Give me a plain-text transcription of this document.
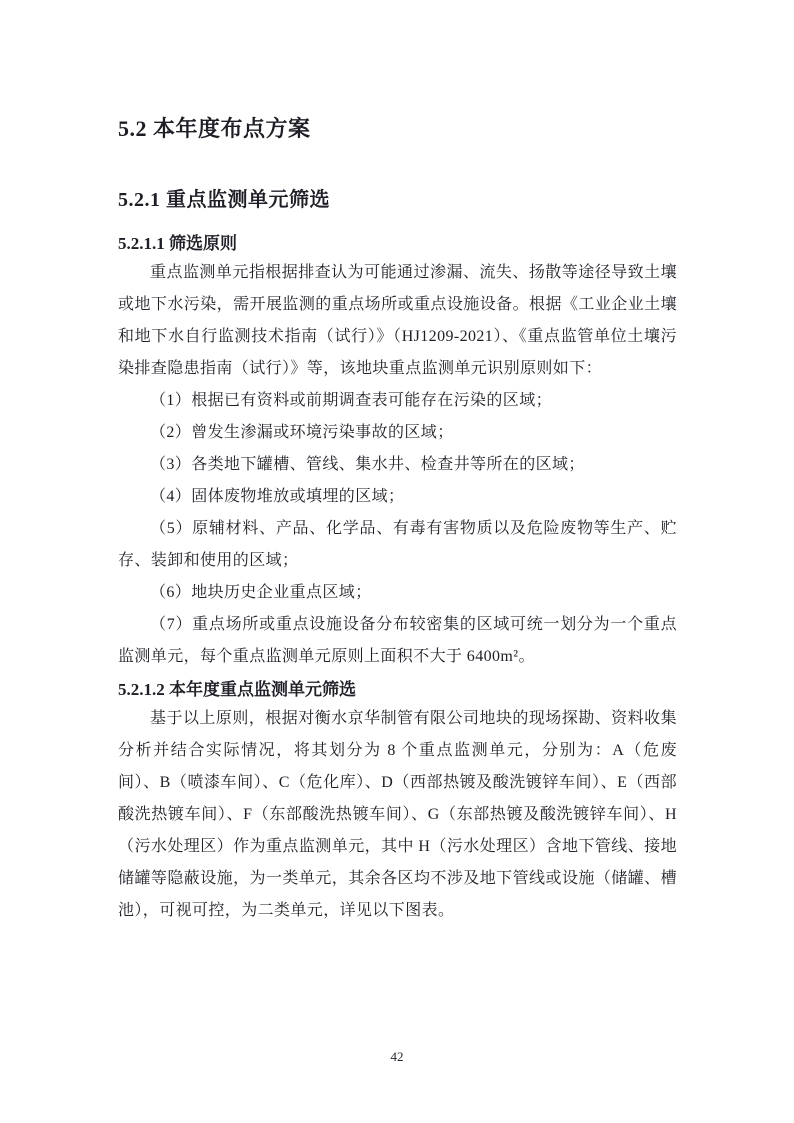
5.2 本年度布点方案
5.2.1 重点监测单元筛选
5.2.1.1 筛选原则

重点监测单元指根据排查认为可能通过渗漏、流失、扬散等途径导致土壤或地下水污染，需开展监测的重点场所或重点设施设备。根据《工业企业土壤和地下水自行监测技术指南（试行）》（HJ1209-2021）、《重点监管单位土壤污染排查隐患指南（试行）》等，该地块重点监测单元识别原则如下：

（1）根据已有资料或前期调查表可能存在污染的区域；

（2）曾发生渗漏或环境污染事故的区域；

（3）各类地下罐槽、管线、集水井、检查井等所在的区域；

（4）固体废物堆放或填埋的区域；

（5）原辅材料、产品、化学品、有毒有害物质以及危险废物等生产、贮存、装卸和使用的区域；

（6）地块历史企业重点区域；

（7）重点场所或重点设施设备分布较密集的区域可统一划分为一个重点监测单元，每个重点监测单元原则上面积不大于 6400m²。

5.2.1.2 本年度重点监测单元筛选

基于以上原则，根据对衡水京华制管有限公司地块的现场探勘、资料收集分析并结合实际情况，将其划分为 8 个重点监测单元，分别为：A（危废间）、B（喷漆车间）、C（危化库）、D（西部热镀及酸洗镀锌车间）、E（西部酸洗热镀车间）、F（东部酸洗热镀车间）、G（东部热镀及酸洗镀锌车间）、H（污水处理区）作为重点监测单元，其中 H（污水处理区）含地下管线、接地储罐等隐蔽设施，为一类单元，其余各区均不涉及地下管线或设施（储罐、槽池），可视可控，为二类单元，详见以下图表。

42
